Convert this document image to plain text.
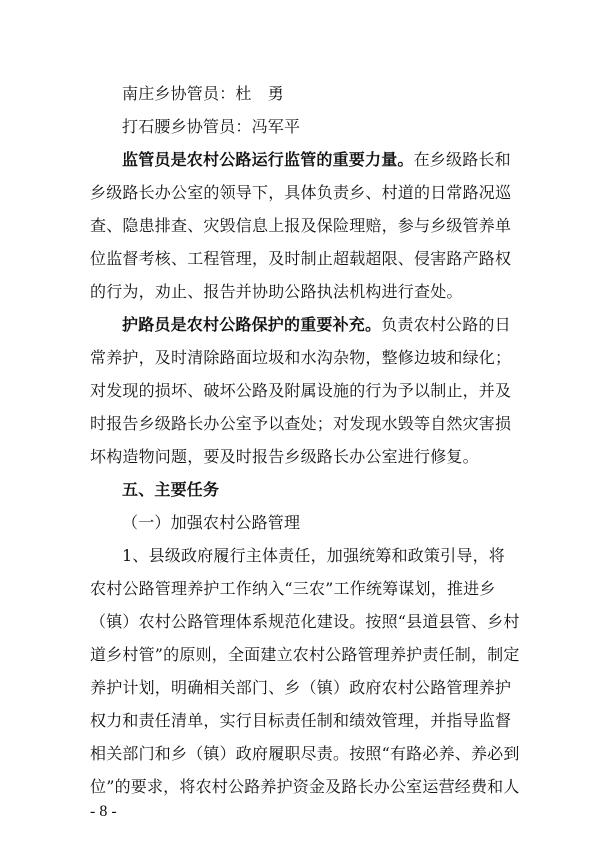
南庄乡协管员：杜　勇
打石腰乡协管员：冯军平
监管员是农村公路运行监管的重要力量。在乡级路长和
乡级路长办公室的领导下，具体负责乡、村道的日常路况巡
查、隐患排查、灾毁信息上报及保险理赔，参与乡级管养单
位监督考核、工程管理，及时制止超载超限、侵害路产路权
的行为，劝止、报告并协助公路执法机构进行查处。
护路员是农村公路保护的重要补充。负责农村公路的日
常养护，及时清除路面垃圾和水沟杂物，整修边坡和绿化；
对发现的损坏、破坏公路及附属设施的行为予以制止，并及
时报告乡级路长办公室予以查处；对发现水毁等自然灾害损
坏构造物问题，要及时报告乡级路长办公室进行修复。
五、主要任务
（一）加强农村公路管理
1、县级政府履行主体责任，加强统筹和政策引导，将
农村公路管理养护工作纳入“三农”工作统筹谋划，推进乡
（镇）农村公路管理体系规范化建设。按照“县道县管、乡村
道乡村管”的原则，全面建立农村公路管理养护责任制，制定
养护计划，明确相关部门、乡（镇）政府农村公路管理养护
权力和责任清单，实行目标责任制和绩效管理，并指导监督
相关部门和乡（镇）政府履职尽责。按照“有路必养、养必到
位”的要求，将农村公路养护资金及路长办公室运营经费和人
- 8 -
